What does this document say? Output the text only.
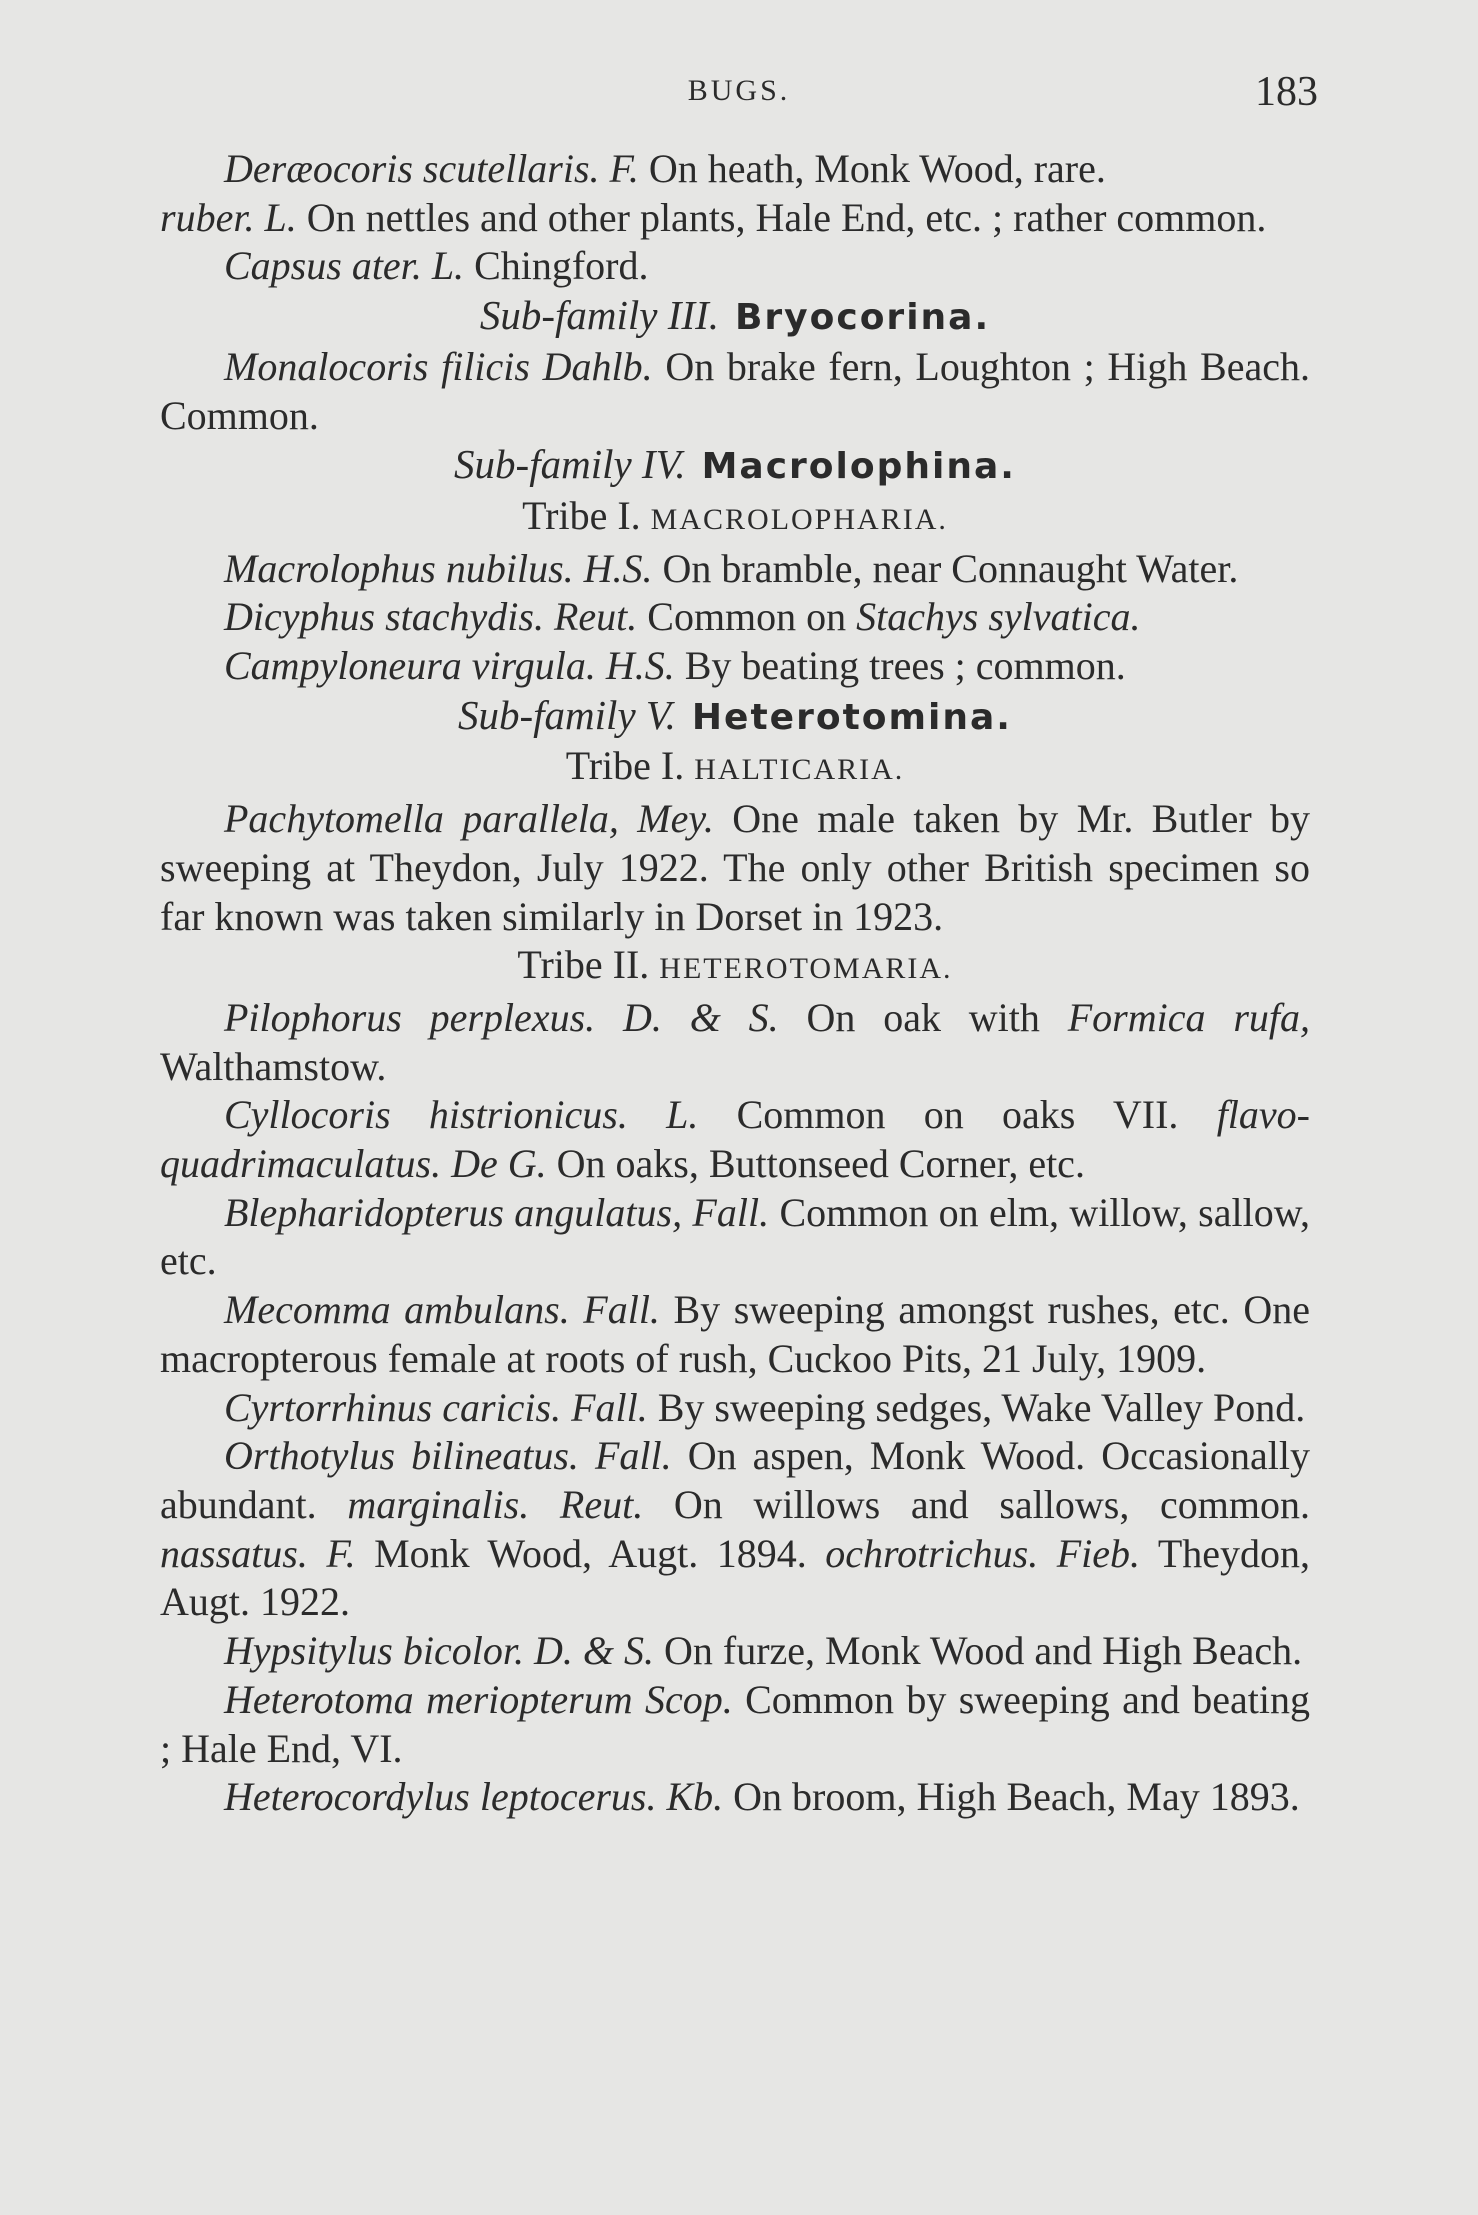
BUGS.	183

Deræocoris scutellaris. F. On heath, Monk Wood, rare.

ruber. L. On nettles and other plants, Hale End, etc. ; rather common.

Capsus ater. L. Chingford.

Sub-family III. Bryocorina.

Monalocoris filicis Dahlb. On brake fern, Loughton ; High Beach. Common.

Sub-family IV. Macrolophina.

Tribe I. MACROLOPHARIA.

Macrolophus nubilus. H.S. On bramble, near Connaught Water.

Dicyphus stachydis. Reut. Common on Stachys sylvatica.

Campyloneura virgula. H.S. By beating trees ; common.

Sub-family V. Heterotomina.

Tribe I. HALTICARIA.

Pachytomella parallela, Mey. One male taken by Mr. Butler by sweeping at Theydon, July 1922. The only other British specimen so far known was taken similarly in Dorset in 1923.

Tribe II. HETEROTOMARIA.

Pilophorus perplexus. D. & S. On oak with Formica rufa, Walthamstow.

Cyllocoris histrionicus. L. Common on oaks VII. flavo-quadrimaculatus. De G. On oaks, Buttonseed Corner, etc.

Blepharidopterus angulatus, Fall. Common on elm, willow, sallow, etc.

Mecomma ambulans. Fall. By sweeping amongst rushes, etc. One macropterous female at roots of rush, Cuckoo Pits, 21 July, 1909.

Cyrtorrhinus caricis. Fall. By sweeping sedges, Wake Valley Pond.

Orthotylus bilineatus. Fall. On aspen, Monk Wood. Occasionally abundant. marginalis. Reut. On willows and sallows, common. nassatus. F. Monk Wood, Augt. 1894. ochrotrichus. Fieb. Theydon, Augt. 1922.

Hypsitylus bicolor. D. & S. On furze, Monk Wood and High Beach.

Heterotoma meriopterum Scop. Common by sweeping and beating ; Hale End, VI.

Heterocordylus leptocerus. Kb. On broom, High Beach, May 1893.
